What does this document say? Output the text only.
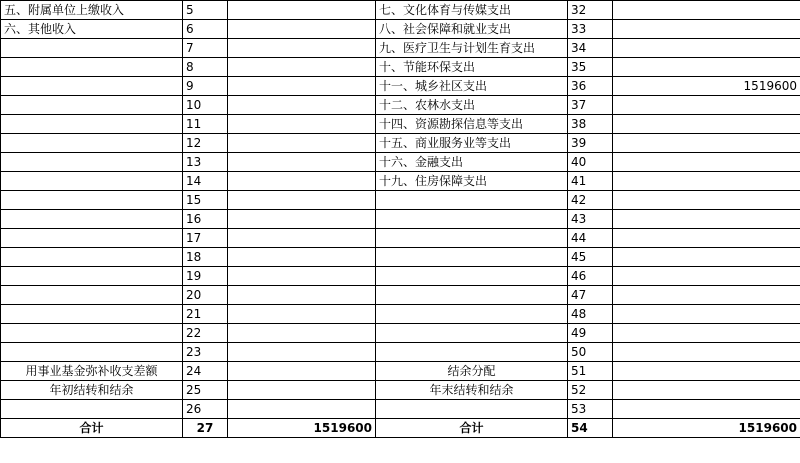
五、附属单位上缴收入	5		七、文化体育与传媒支出	32	
六、其他收入	6		八、社会保障和就业支出	33	
	7		九、医疗卫生与计划生育支出	34	
	8		十、节能环保支出	35	
	9		十一、城乡社区支出	36	1519600
	10		十二、农林水支出	37	
	11		十四、资源勘探信息等支出	38	
	12		十五、商业服务业等支出	39	
	13		十六、金融支出	40	
	14		十九、住房保障支出	41	
	15			42	
	16			43	
	17			44	
	18			45	
	19			46	
	20			47	
	21			48	
	22			49	
	23			50	
用事业基金弥补收支差额	24		结余分配	51	
年初结转和结余	25		年末结转和结余	52	
	26			53	
合计	27	1519600	合计	54	1519600
